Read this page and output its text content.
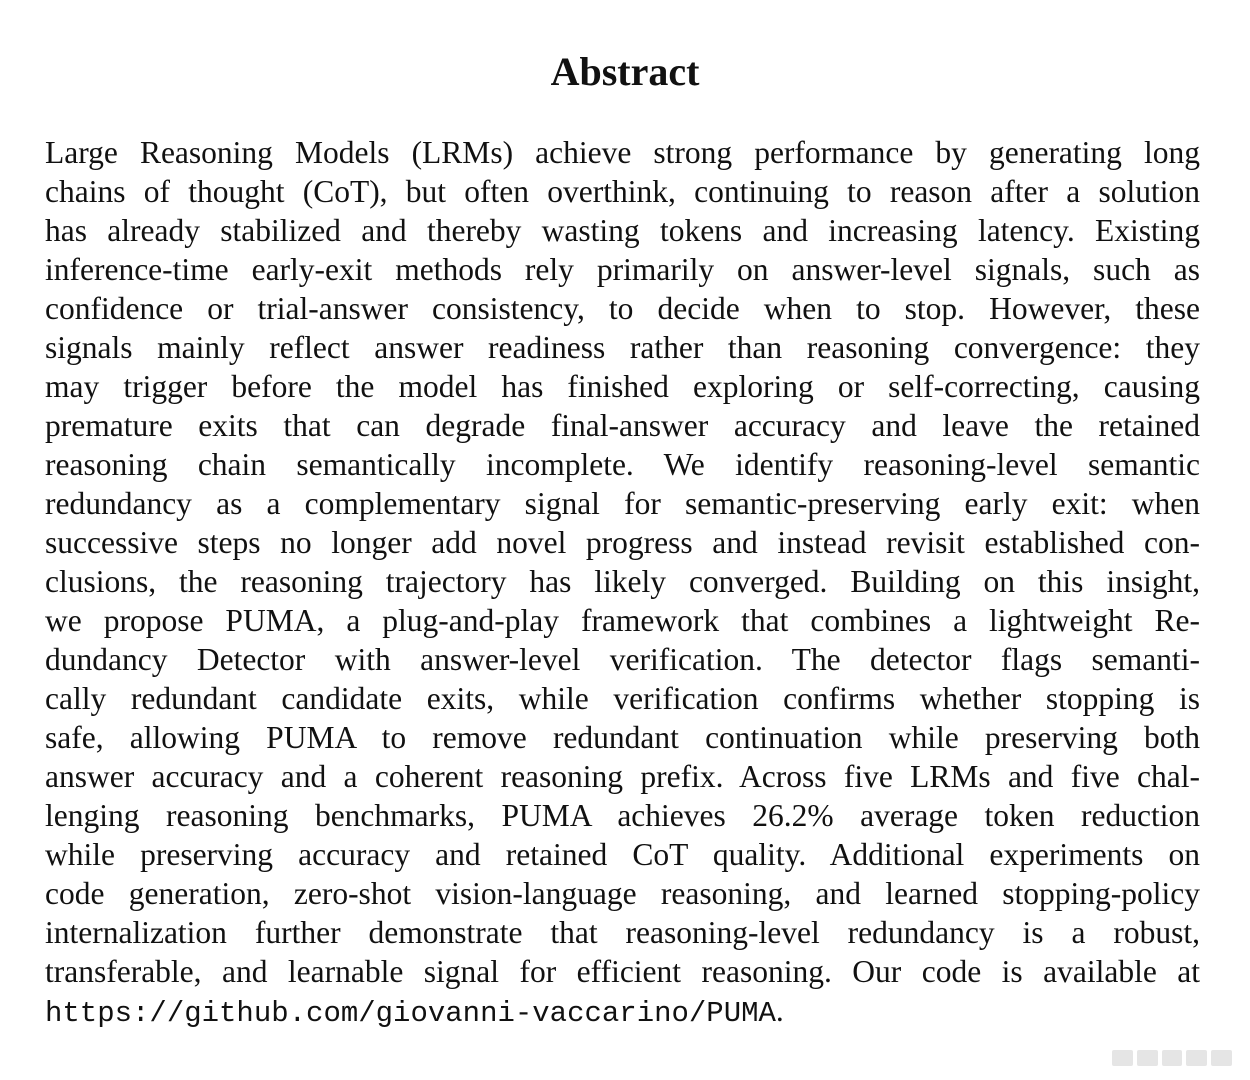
Abstract
Large Reasoning Models (LRMs) achieve strong performance by generating long
chains of thought (CoT), but often overthink, continuing to reason after a solution
has already stabilized and thereby wasting tokens and increasing latency. Existing
inference-time early-exit methods rely primarily on answer-level signals, such as
confidence or trial-answer consistency, to decide when to stop. However, these
signals mainly reflect answer readiness rather than reasoning convergence: they
may trigger before the model has finished exploring or self-correcting, causing
premature exits that can degrade final-answer accuracy and leave the retained
reasoning chain semantically incomplete. We identify reasoning-level semantic
redundancy as a complementary signal for semantic-preserving early exit: when
successive steps no longer add novel progress and instead revisit established con-
clusions, the reasoning trajectory has likely converged. Building on this insight,
we propose PUMA, a plug-and-play framework that combines a lightweight Re-
dundancy Detector with answer-level verification. The detector flags semanti-
cally redundant candidate exits, while verification confirms whether stopping is
safe, allowing PUMA to remove redundant continuation while preserving both
answer accuracy and a coherent reasoning prefix. Across five LRMs and five chal-
lenging reasoning benchmarks, PUMA achieves 26.2% average token reduction
while preserving accuracy and retained CoT quality. Additional experiments on
code generation, zero-shot vision-language reasoning, and learned stopping-policy
internalization further demonstrate that reasoning-level redundancy is a robust,
transferable, and learnable signal for efficient reasoning. Our code is available at
https://github.com/giovanni-vaccarino/PUMA.
